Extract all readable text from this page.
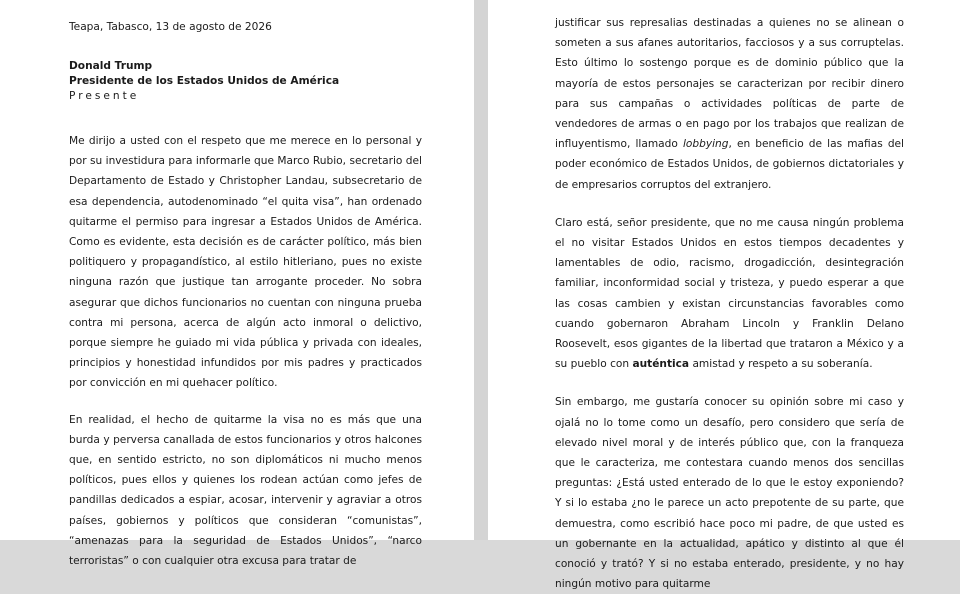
Teapa, Tabasco, 13 de agosto de 2026
Donald Trump
Presidente de los Estados Unidos de América
Presente

Me dirijo a usted con el respeto que me merece en lo personal y por su investidura para informarle que Marco Rubio, secretario del Departamento de Estado y Christopher Landau, subsecretario de esa dependencia, autodenominado “el quita visa”, han ordenado quitarme el permiso para ingresar a Estados Unidos de América. Como es evidente, esta decisión es de carácter político, más bien politiquero y propagandístico, al estilo hitleriano, pues no existe ninguna razón que justique tan arrogante proceder. No sobra asegurar que dichos funcionarios no cuentan con ninguna prueba contra mi persona, acerca de algún acto inmoral o delictivo, porque siempre he guiado mi vida pública y privada con ideales, principios y honestidad infundidos por mis padres y practicados por convicción en mi quehacer político.

En realidad, el hecho de quitarme la visa no es más que una burda y perversa canallada de estos funcionarios y otros halcones que, en sentido estricto, no son diplomáticos ni mucho menos políticos, pues ellos y quienes los rodean actúan como jefes de pandillas dedicados a espiar, acosar, intervenir y agraviar a otros países, gobiernos y políticos que consideran “comunistas”, “amenazas para la seguridad de Estados Unidos”, “narco terroristas” o con cualquier otra excusa para tratar de

justificar sus represalias destinadas a quienes no se alinean o someten a sus afanes autoritarios, facciosos y a sus corruptelas. Esto último lo sostengo porque es de dominio público que la mayoría de estos personajes se caracterizan por recibir dinero para sus campañas o actividades políticas de parte de vendedores de armas o en pago por los trabajos que realizan de influyentismo, llamado lobbying, en beneficio de las mafias del poder económico de Estados Unidos, de gobiernos dictatoriales y de empresarios corruptos del extranjero.

Claro está, señor presidente, que no me causa ningún problema el no visitar Estados Unidos en estos tiempos decadentes y lamentables de odio, racismo, drogadicción, desintegración familiar, inconformidad social y tristeza, y puedo esperar a que las cosas cambien y existan circunstancias favorables como cuando gobernaron Abraham Lincoln y Franklin Delano Roosevelt, esos gigantes de la libertad que trataron a México y a su pueblo con auténtica amistad y respeto a su soberanía.

Sin embargo, me gustaría conocer su opinión sobre mi caso y ojalá no lo tome como un desafío, pero considero que sería de elevado nivel moral y de interés público que, con la franqueza que le caracteriza, me contestara cuando menos dos sencillas preguntas: ¿Está usted enterado de lo que le estoy exponiendo? Y si lo estaba ¿no le parece un acto prepotente de su parte, que demuestra, como escribió hace poco mi padre, de que usted es un gobernante en la actualidad, apático y distinto al que él conoció y trató? Y si no estaba enterado, presidente, y no hay ningún motivo para quitarme
